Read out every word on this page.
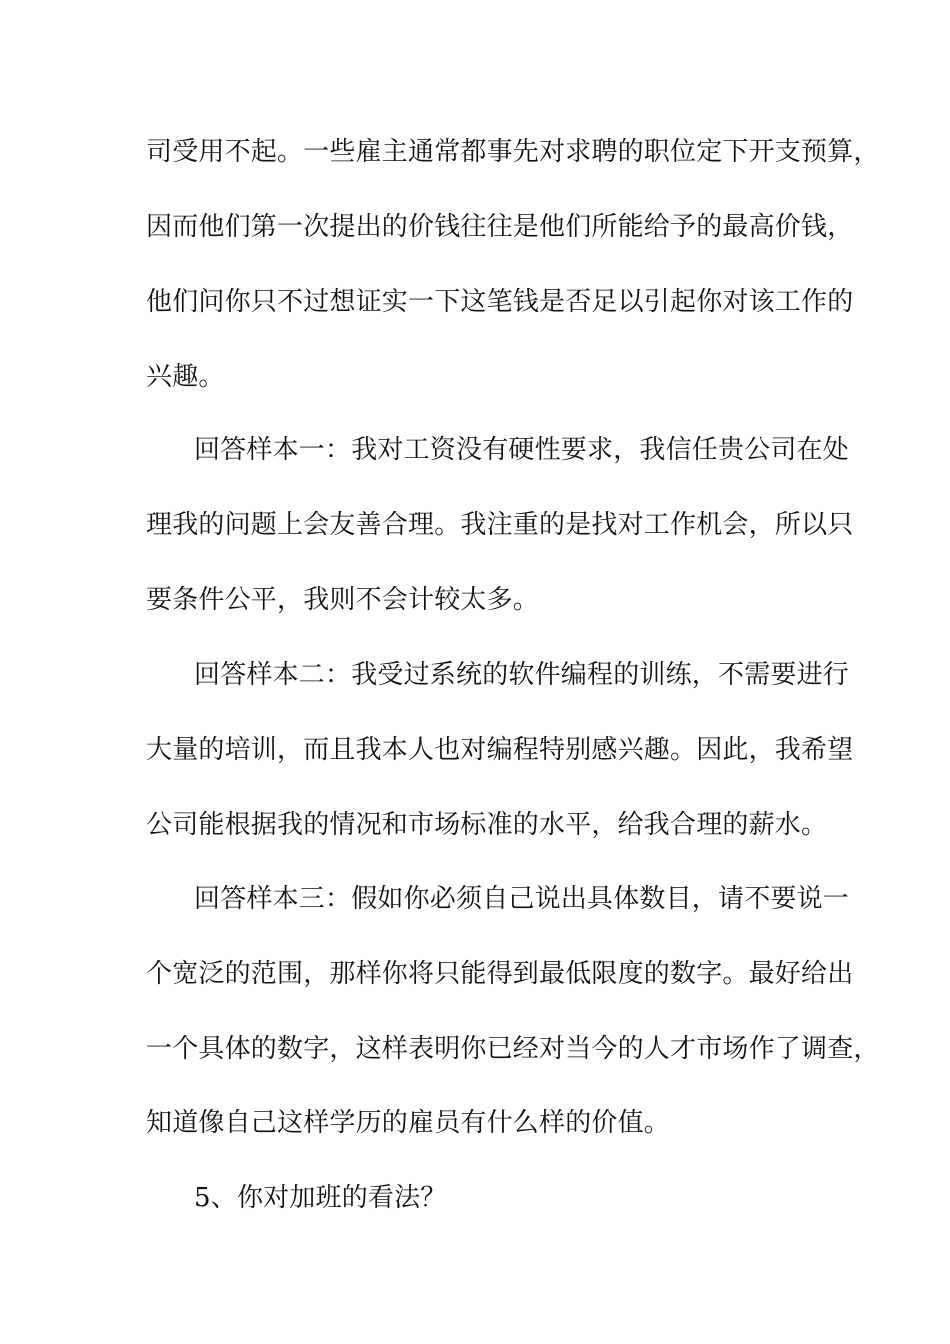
司受用不起。一些雇主通常都事先对求聘的职位定下开支预算，
因而他们第一次提出的价钱往往是他们所能给予的最高价钱，
他们问你只不过想证实一下这笔钱是否足以引起你对该工作的
兴趣。
回答样本一：我对工资没有硬性要求，我信任贵公司在处
理我的问题上会友善合理。我注重的是找对工作机会，所以只
要条件公平，我则不会计较太多。
回答样本二：我受过系统的软件编程的训练，不需要进行
大量的培训，而且我本人也对编程特别感兴趣。因此，我希望
公司能根据我的情况和市场标准的水平，给我合理的薪水。
回答样本三：假如你必须自己说出具体数目，请不要说一
个宽泛的范围，那样你将只能得到最低限度的数字。最好给出
一个具体的数字，这样表明你已经对当今的人才市场作了调查，
知道像自己这样学历的雇员有什么样的价值。
5、你对加班的看法？
